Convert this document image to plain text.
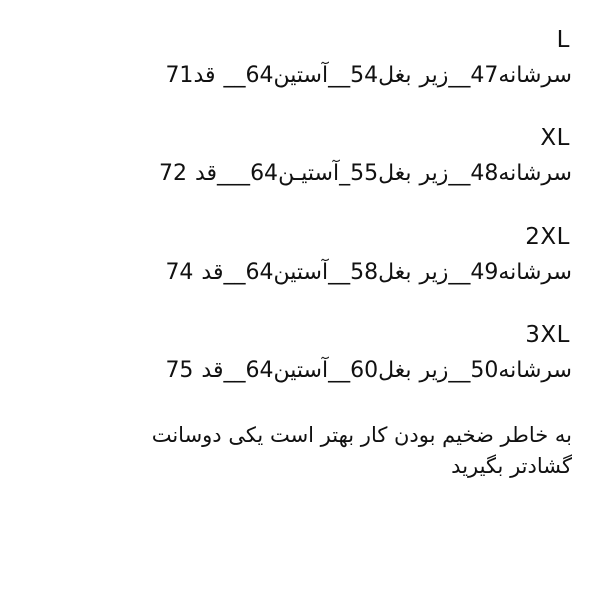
L
سرشانه47__زیر بغل54__آستین64__ قد71
XL
سرشانه48__زیر بغل55_آستیـن64___قد 72
2XL
سرشانه49__زیر بغل58__آستین64__قد 74
3XL
سرشانه50__زیر بغل60__آستین64__قد 75
به خاطر ضخیم بودن کار بهتر است یکی دوسانت
گشادتر بگیرید
